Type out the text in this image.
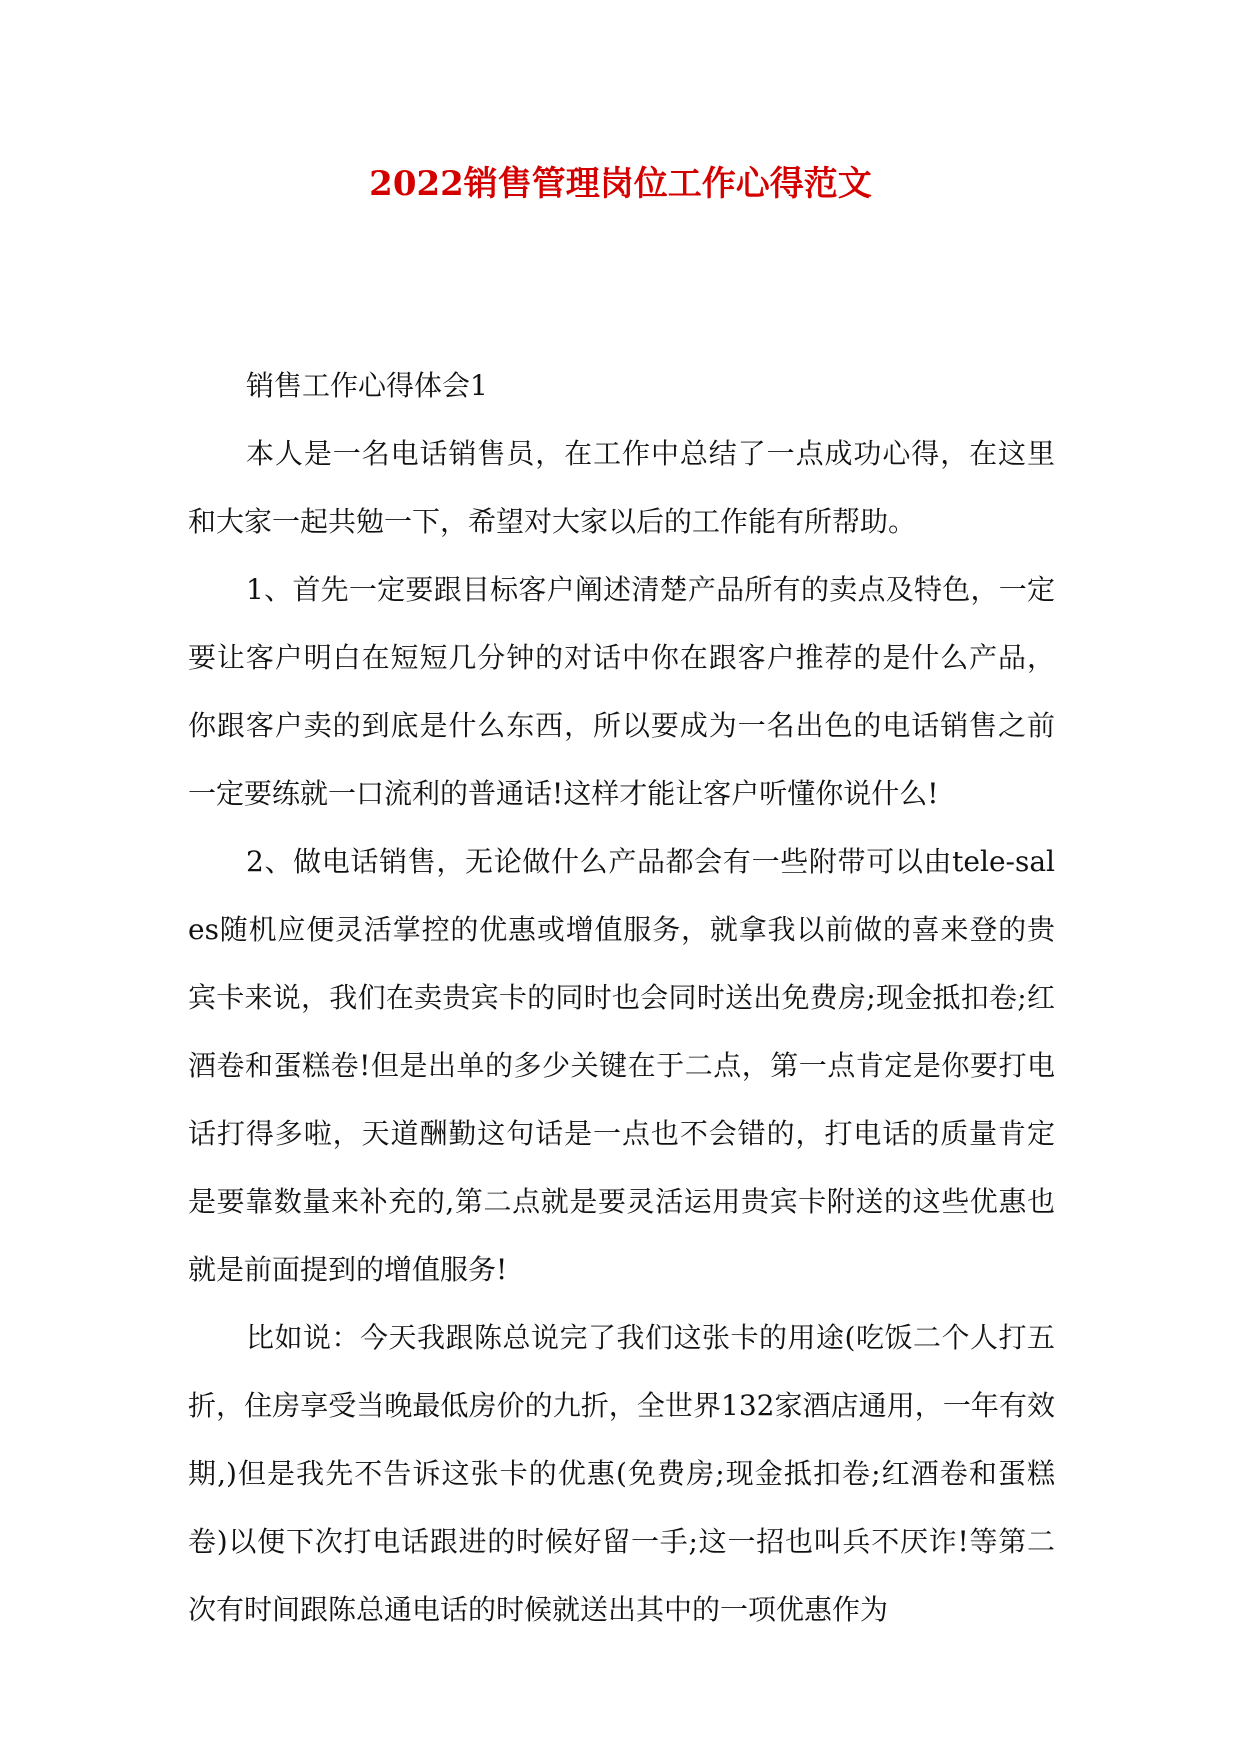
2022销售管理岗位工作心得范文

销售工作心得体会1

本人是一名电话销售员，在工作中总结了一点成功心得，在这里和大家一起共勉一下，希望对大家以后的工作能有所帮助。

1、首先一定要跟目标客户阐述清楚产品所有的卖点及特色，一定要让客户明白在短短几分钟的对话中你在跟客户推荐的是什么产品，你跟客户卖的到底是什么东西，所以要成为一名出色的电话销售之前一定要练就一口流利的普通话!这样才能让客户听懂你说什么!

2、做电话销售，无论做什么产品都会有一些附带可以由tele-sales随机应便灵活掌控的优惠或增值服务，就拿我以前做的喜来登的贵宾卡来说，我们在卖贵宾卡的同时也会同时送出免费房;现金抵扣卷;红酒卷和蛋糕卷!但是出单的多少关键在于二点，第一点肯定是你要打电话打得多啦，天道酬勤这句话是一点也不会错的，打电话的质量肯定是要靠数量来补充的,第二点就是要灵活运用贵宾卡附送的这些优惠也就是前面提到的增值服务!

比如说：今天我跟陈总说完了我们这张卡的用途(吃饭二个人打五折，住房享受当晚最低房价的九折，全世界132家酒店通用，一年有效期,)但是我先不告诉这张卡的优惠(免费房;现金抵扣卷;红酒卷和蛋糕卷)以便下次打电话跟进的时候好留一手;这一招也叫兵不厌诈!等第二次有时间跟陈总通电话的时候就送出其中的一项优惠作为
